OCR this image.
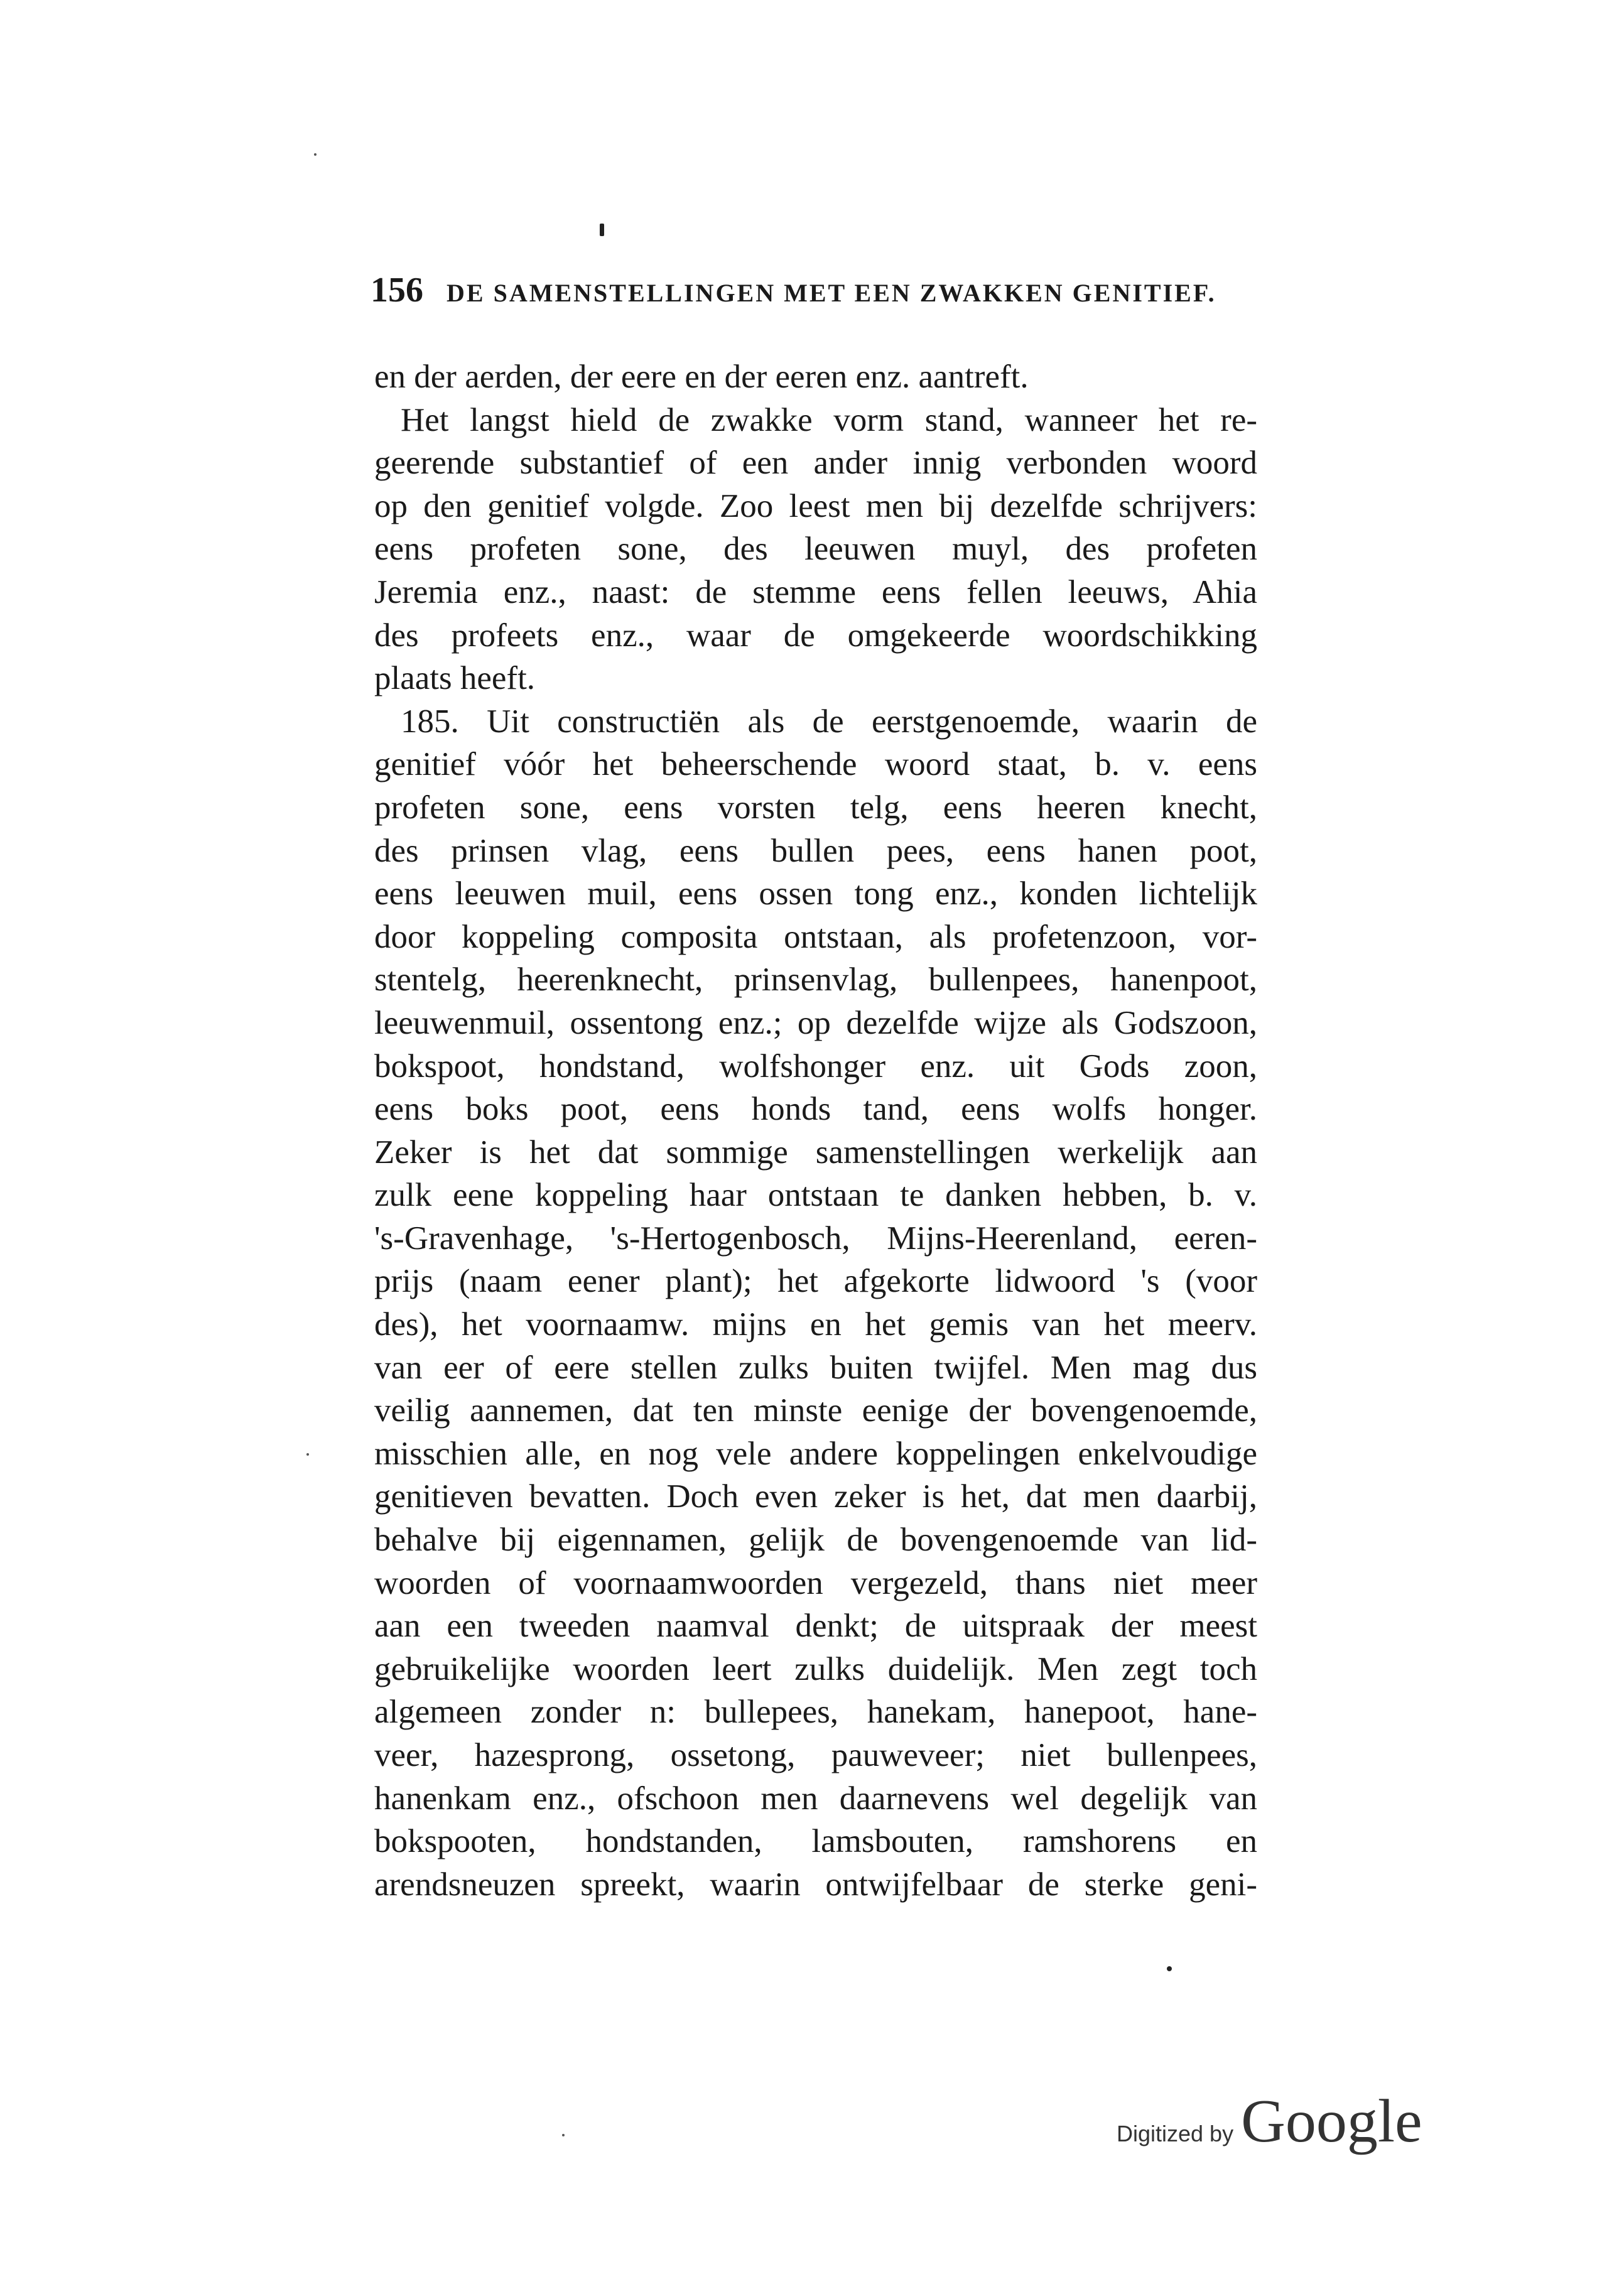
156 DE SAMENSTELLINGEN MET EEN ZWAKKEN GENITIEF.
en der aerden, der eere en der eeren enz. aantreft.
Het langst hield de zwakke vorm stand, wanneer het re-
geerende substantief of een ander innig verbonden woord
op den genitief volgde. Zoo leest men bij dezelfde schrijvers:
eens profeten sone, des leeuwen muyl, des profeten
Jeremia enz., naast: de stemme eens fellen leeuws, Ahia
des profeets enz., waar de omgekeerde woordschikking
plaats heeft.
185. Uit constructiën als de eerstgenoemde, waarin de
genitief vóór het beheerschende woord staat, b. v. eens
profeten sone, eens vorsten telg, eens heeren knecht,
des prinsen vlag, eens bullen pees, eens hanen poot,
eens leeuwen muil, eens ossen tong enz., konden lichtelijk
door koppeling composita ontstaan, als profetenzoon, vor-
stentelg, heerenknecht, prinsenvlag, bullenpees, hanenpoot,
leeuwenmuil, ossentong enz.; op dezelfde wijze als Godszoon,
bokspoot, hondstand, wolfshonger enz. uit Gods zoon,
eens boks poot, eens honds tand, eens wolfs honger.
Zeker is het dat sommige samenstellingen werkelijk aan
zulk eene koppeling haar ontstaan te danken hebben, b. v.
's-Gravenhage, 's-Hertogenbosch, Mijns-Heerenland, eeren-
prijs (naam eener plant); het afgekorte lidwoord 's (voor
des), het voornaamw. mijns en het gemis van het meerv.
van eer of eere stellen zulks buiten twijfel. Men mag dus
veilig aannemen, dat ten minste eenige der bovengenoemde,
misschien alle, en nog vele andere koppelingen enkelvoudige
genitieven bevatten. Doch even zeker is het, dat men daarbij,
behalve bij eigennamen, gelijk de bovengenoemde van lid-
woorden of voornaamwoorden vergezeld, thans niet meer
aan een tweeden naamval denkt; de uitspraak der meest
gebruikelijke woorden leert zulks duidelijk. Men zegt toch
algemeen zonder n: bullepees, hanekam, hanepoot, hane-
veer, hazesprong, ossetong, pauweveer; niet bullenpees,
hanenkam enz., ofschoon men daarnevens wel degelijk van
bokspooten, hondstanden, lamsbouten, ramshorens en
arendsneuzen spreekt, waarin ontwijfelbaar de sterke geni-
Digitized by Google
